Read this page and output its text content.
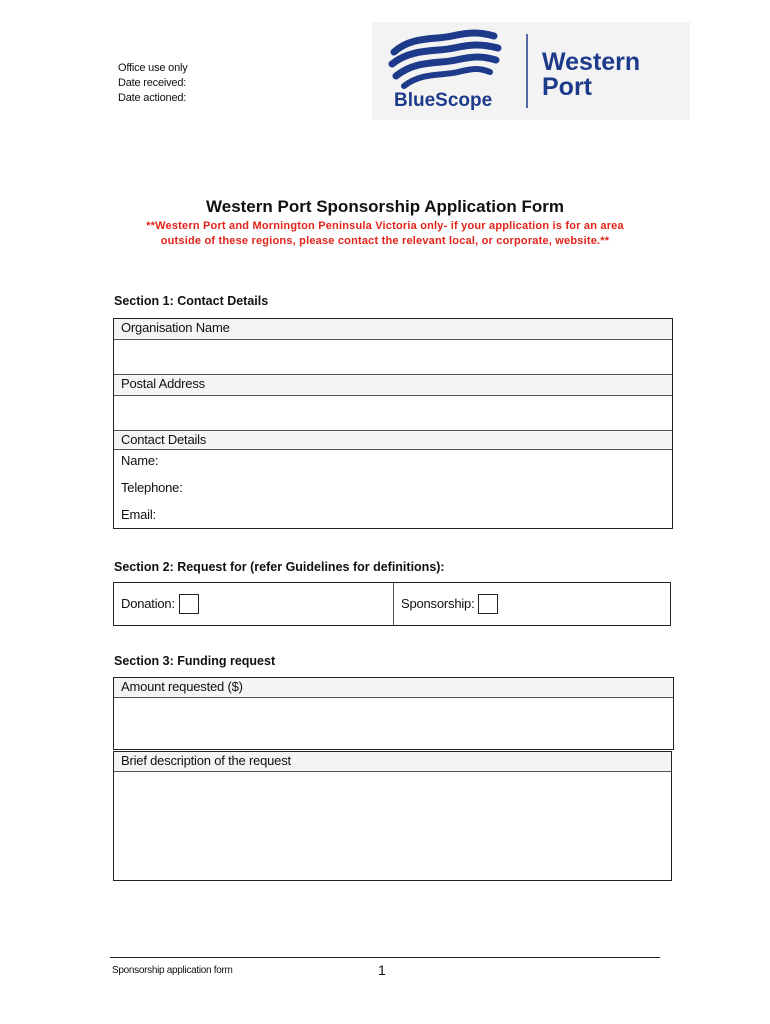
Office use only
Date received:
Date actioned:	BlueScope
Western
Port
Western Port Sponsorship Application Form
**Western Port and Mornington Peninsula Victoria only- if your application is for an area
outside of these regions, please contact the relevant local, or corporate, website.**
Section 1: Contact Details
Organisation Name
Postal Address
Contact Details
Name:
Telephone:
Email:
Section 2: Request for (refer Guidelines for definitions):
Donation:	Sponsorship:
Section 3: Funding request
Amount requested ($)
Brief description of the request
Sponsorship application form	1
